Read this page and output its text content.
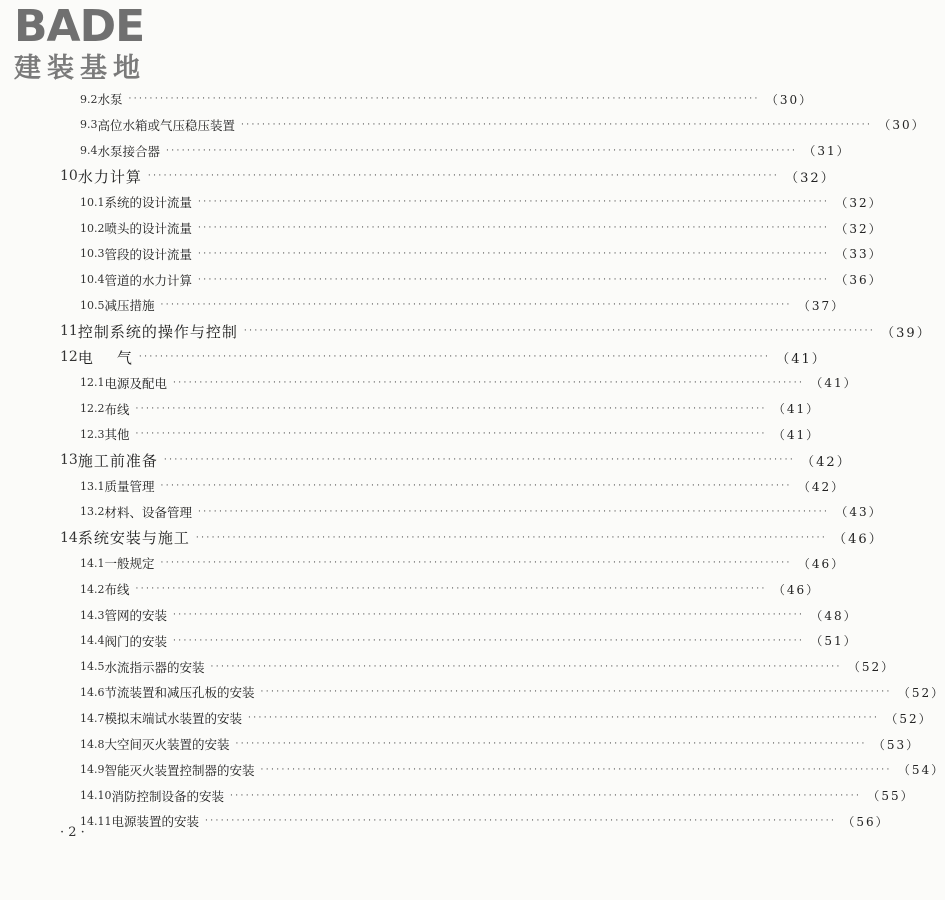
BADE
建装基地
9.2 水泵 ························································································································ （30）
9.3 高位水箱或气压稳压装置 ························································································································ （30）
9.4 水泵接合器 ························································································································ （31）
10 水力计算 ························································································································ （32）
10.1 系统的设计流量 ························································································································ （32）
10.2 喷头的设计流量 ························································································································ （32）
10.3 管段的设计流量 ························································································································ （33）
10.4 管道的水力计算 ························································································································ （36）
10.5 减压措施 ························································································································ （37）
11 控制系统的操作与控制 ························································································································ （39）
12 电    气 ························································································································ （41）
12.1 电源及配电 ························································································································ （41）
12.2 布线 ························································································································ （41）
12.3 其他 ························································································································ （41）
13 施工前准备 ························································································································ （42）
13.1 质量管理 ························································································································ （42）
13.2 材料、设备管理 ························································································································ （43）
14 系统安装与施工 ························································································································ （46）
14.1 一般规定 ························································································································ （46）
14.2 布线 ························································································································ （46）
14.3 管网的安装 ························································································································ （48）
14.4 阀门的安装 ························································································································ （51）
14.5 水流指示器的安装 ························································································································ （52）
14.6 节流装置和减压孔板的安装 ························································································································ （52）
14.7 模拟末端试水装置的安装 ························································································································ （52）
14.8 大空间灭火装置的安装 ························································································································ （53）
14.9 智能灭火装置控制器的安装 ························································································································ （54）
14.10 消防控制设备的安装 ························································································································ （55）
14.11 电源装置的安装 ························································································································ （56）
· 2 ·
